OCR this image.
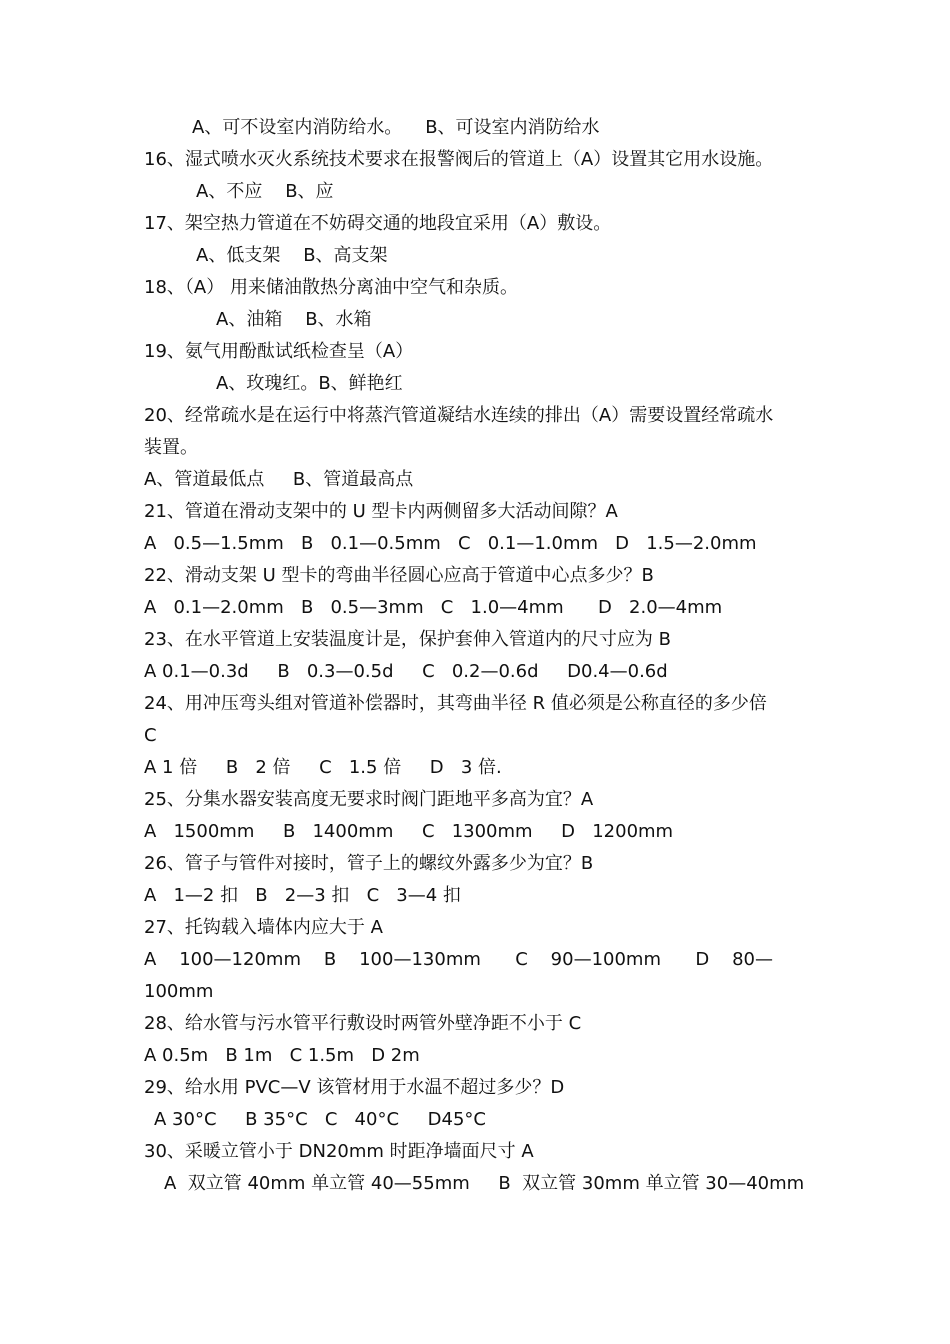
A、可不设室内消防给水。    B、可设室内消防给水
16、湿式喷水灭火系统技术要求在报警阀后的管道上（A）设置其它用水设施。
A、不应    B、应
17、架空热力管道在不妨碍交通的地段宜采用（A）敷设。
A、低支架    B、高支架
18、（A） 用来储油散热分离油中空气和杂质。
A、油箱    B、水箱
19、氨气用酚酞试纸检查呈（A）
A、玫瑰红。B、鲜艳红
20、经常疏水是在运行中将蒸汽管道凝结水连续的排出（A）需要设置经常疏水
装置。
A、管道最低点     B、管道最高点
21、管道在滑动支架中的 U 型卡内两侧留多大活动间隙？A
A   0.5—1.5mm   B   0.1—0.5mm   C   0.1—1.0mm   D   1.5—2.0mm
22、滑动支架 U 型卡的弯曲半径圆心应高于管道中心点多少？B
A   0.1—2.0mm   B   0.5—3mm   C   1.0—4mm      D   2.0—4mm
23、在水平管道上安装温度计是，保护套伸入管道内的尺寸应为 B
A 0.1—0.3d     B   0.3—0.5d     C   0.2—0.6d     D0.4—0.6d
24、用冲压弯头组对管道补偿器时，其弯曲半径 R 值必须是公称直径的多少倍
C
A 1 倍     B   2 倍     C   1.5 倍     D   3 倍.
25、分集水器安装高度无要求时阀门距地平多高为宜？A
A   1500mm     B   1400mm     C   1300mm     D   1200mm
26、管子与管件对接时，管子上的螺纹外露多少为宜？B
A   1—2 扣   B   2—3 扣   C   3—4 扣
27、托钩载入墙体内应大于 A
A    100—120mm    B    100—130mm      C    90—100mm      D    80—
100mm
28、给水管与污水管平行敷设时两管外壁净距不小于 C
A 0.5m   B 1m   C 1.5m   D 2m
29、给水用 PVC—V 该管材用于水温不超过多少？D
A 30°C     B 35°C   C   40°C     D45°C
30、采暖立管小于 DN20mm 时距净墙面尺寸 A
A  双立管 40mm 单立管 40—55mm     B  双立管 30mm 单立管 30—40mm
